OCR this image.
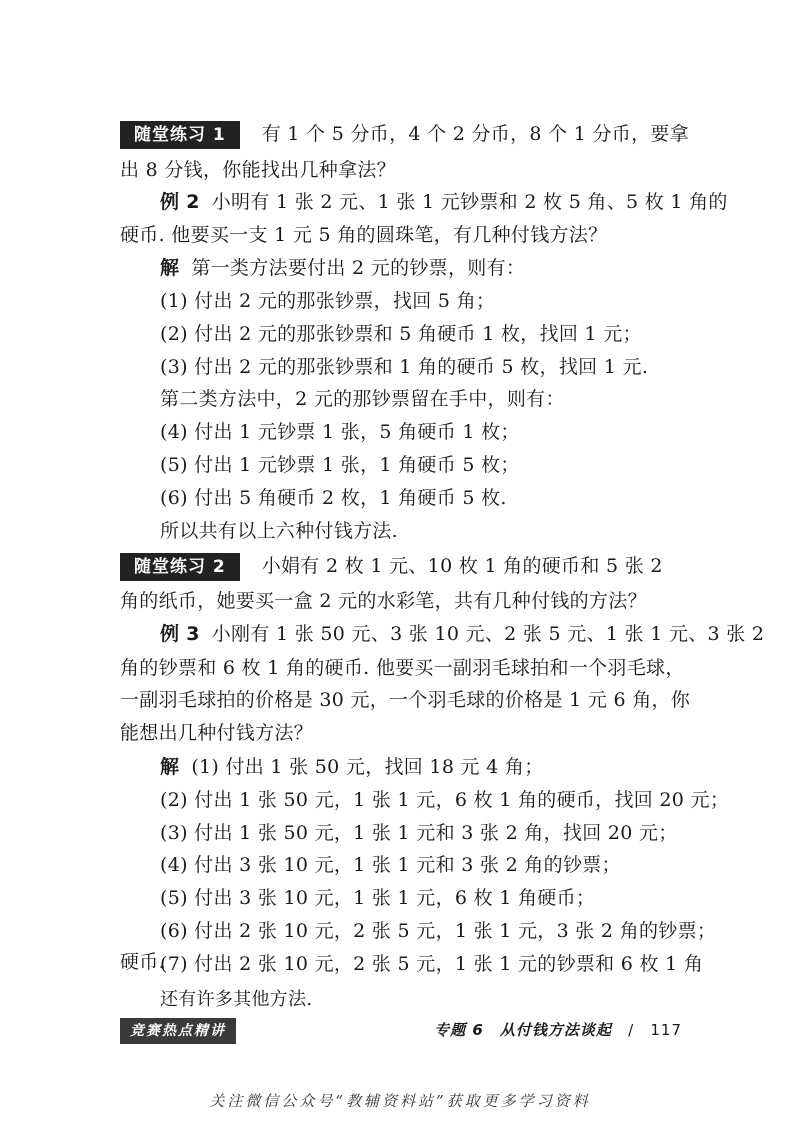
随堂练习 1 有 1 个 5 分币，4 个 2 分币，8 个 1 分币，要拿
出 8 分钱，你能找出几种拿法？
例 2 小明有 1 张 2 元、1 张 1 元钞票和 2 枚 5 角、5 枚 1 角的
硬币. 他要买一支 1 元 5 角的圆珠笔，有几种付钱方法？
解 第一类方法要付出 2 元的钞票，则有：
(1) 付出 2 元的那张钞票，找回 5 角；
(2) 付出 2 元的那张钞票和 5 角硬币 1 枚，找回 1 元；
(3) 付出 2 元的那张钞票和 1 角的硬币 5 枚，找回 1 元.
第二类方法中，2 元的那钞票留在手中，则有：
(4) 付出 1 元钞票 1 张，5 角硬币 1 枚；
(5) 付出 1 元钞票 1 张，1 角硬币 5 枚；
(6) 付出 5 角硬币 2 枚，1 角硬币 5 枚.
所以共有以上六种付钱方法.
随堂练习 2 小娟有 2 枚 1 元、10 枚 1 角的硬币和 5 张 2
角的纸币，她要买一盒 2 元的水彩笔，共有几种付钱的方法？
例 3 小刚有 1 张 50 元、3 张 10 元、2 张 5 元、1 张 1 元、3 张 2
角的钞票和 6 枚 1 角的硬币. 他要买一副羽毛球拍和一个羽毛球，
一副羽毛球拍的价格是 30 元，一个羽毛球的价格是 1 元 6 角，你
能想出几种付钱方法？
解 (1) 付出 1 张 50 元，找回 18 元 4 角；
(2) 付出 1 张 50 元，1 张 1 元，6 枚 1 角的硬币，找回 20 元；
(3) 付出 1 张 50 元，1 张 1 元和 3 张 2 角，找回 20 元；
(4) 付出 3 张 10 元，1 张 1 元和 3 张 2 角的钞票；
(5) 付出 3 张 10 元，1 张 1 元，6 枚 1 角硬币；
(6) 付出 2 张 10 元，2 张 5 元，1 张 1 元，3 张 2 角的钞票；
(7) 付出 2 张 10 元，2 张 5 元，1 张 1 元的钞票和 6 枚 1 角
竞赛热点精讲	专题 6　从付钱方法谈起 / 117
关注微信公众号“教辅资料站”获取更多学习资料
硬币.
还有许多其他方法.
